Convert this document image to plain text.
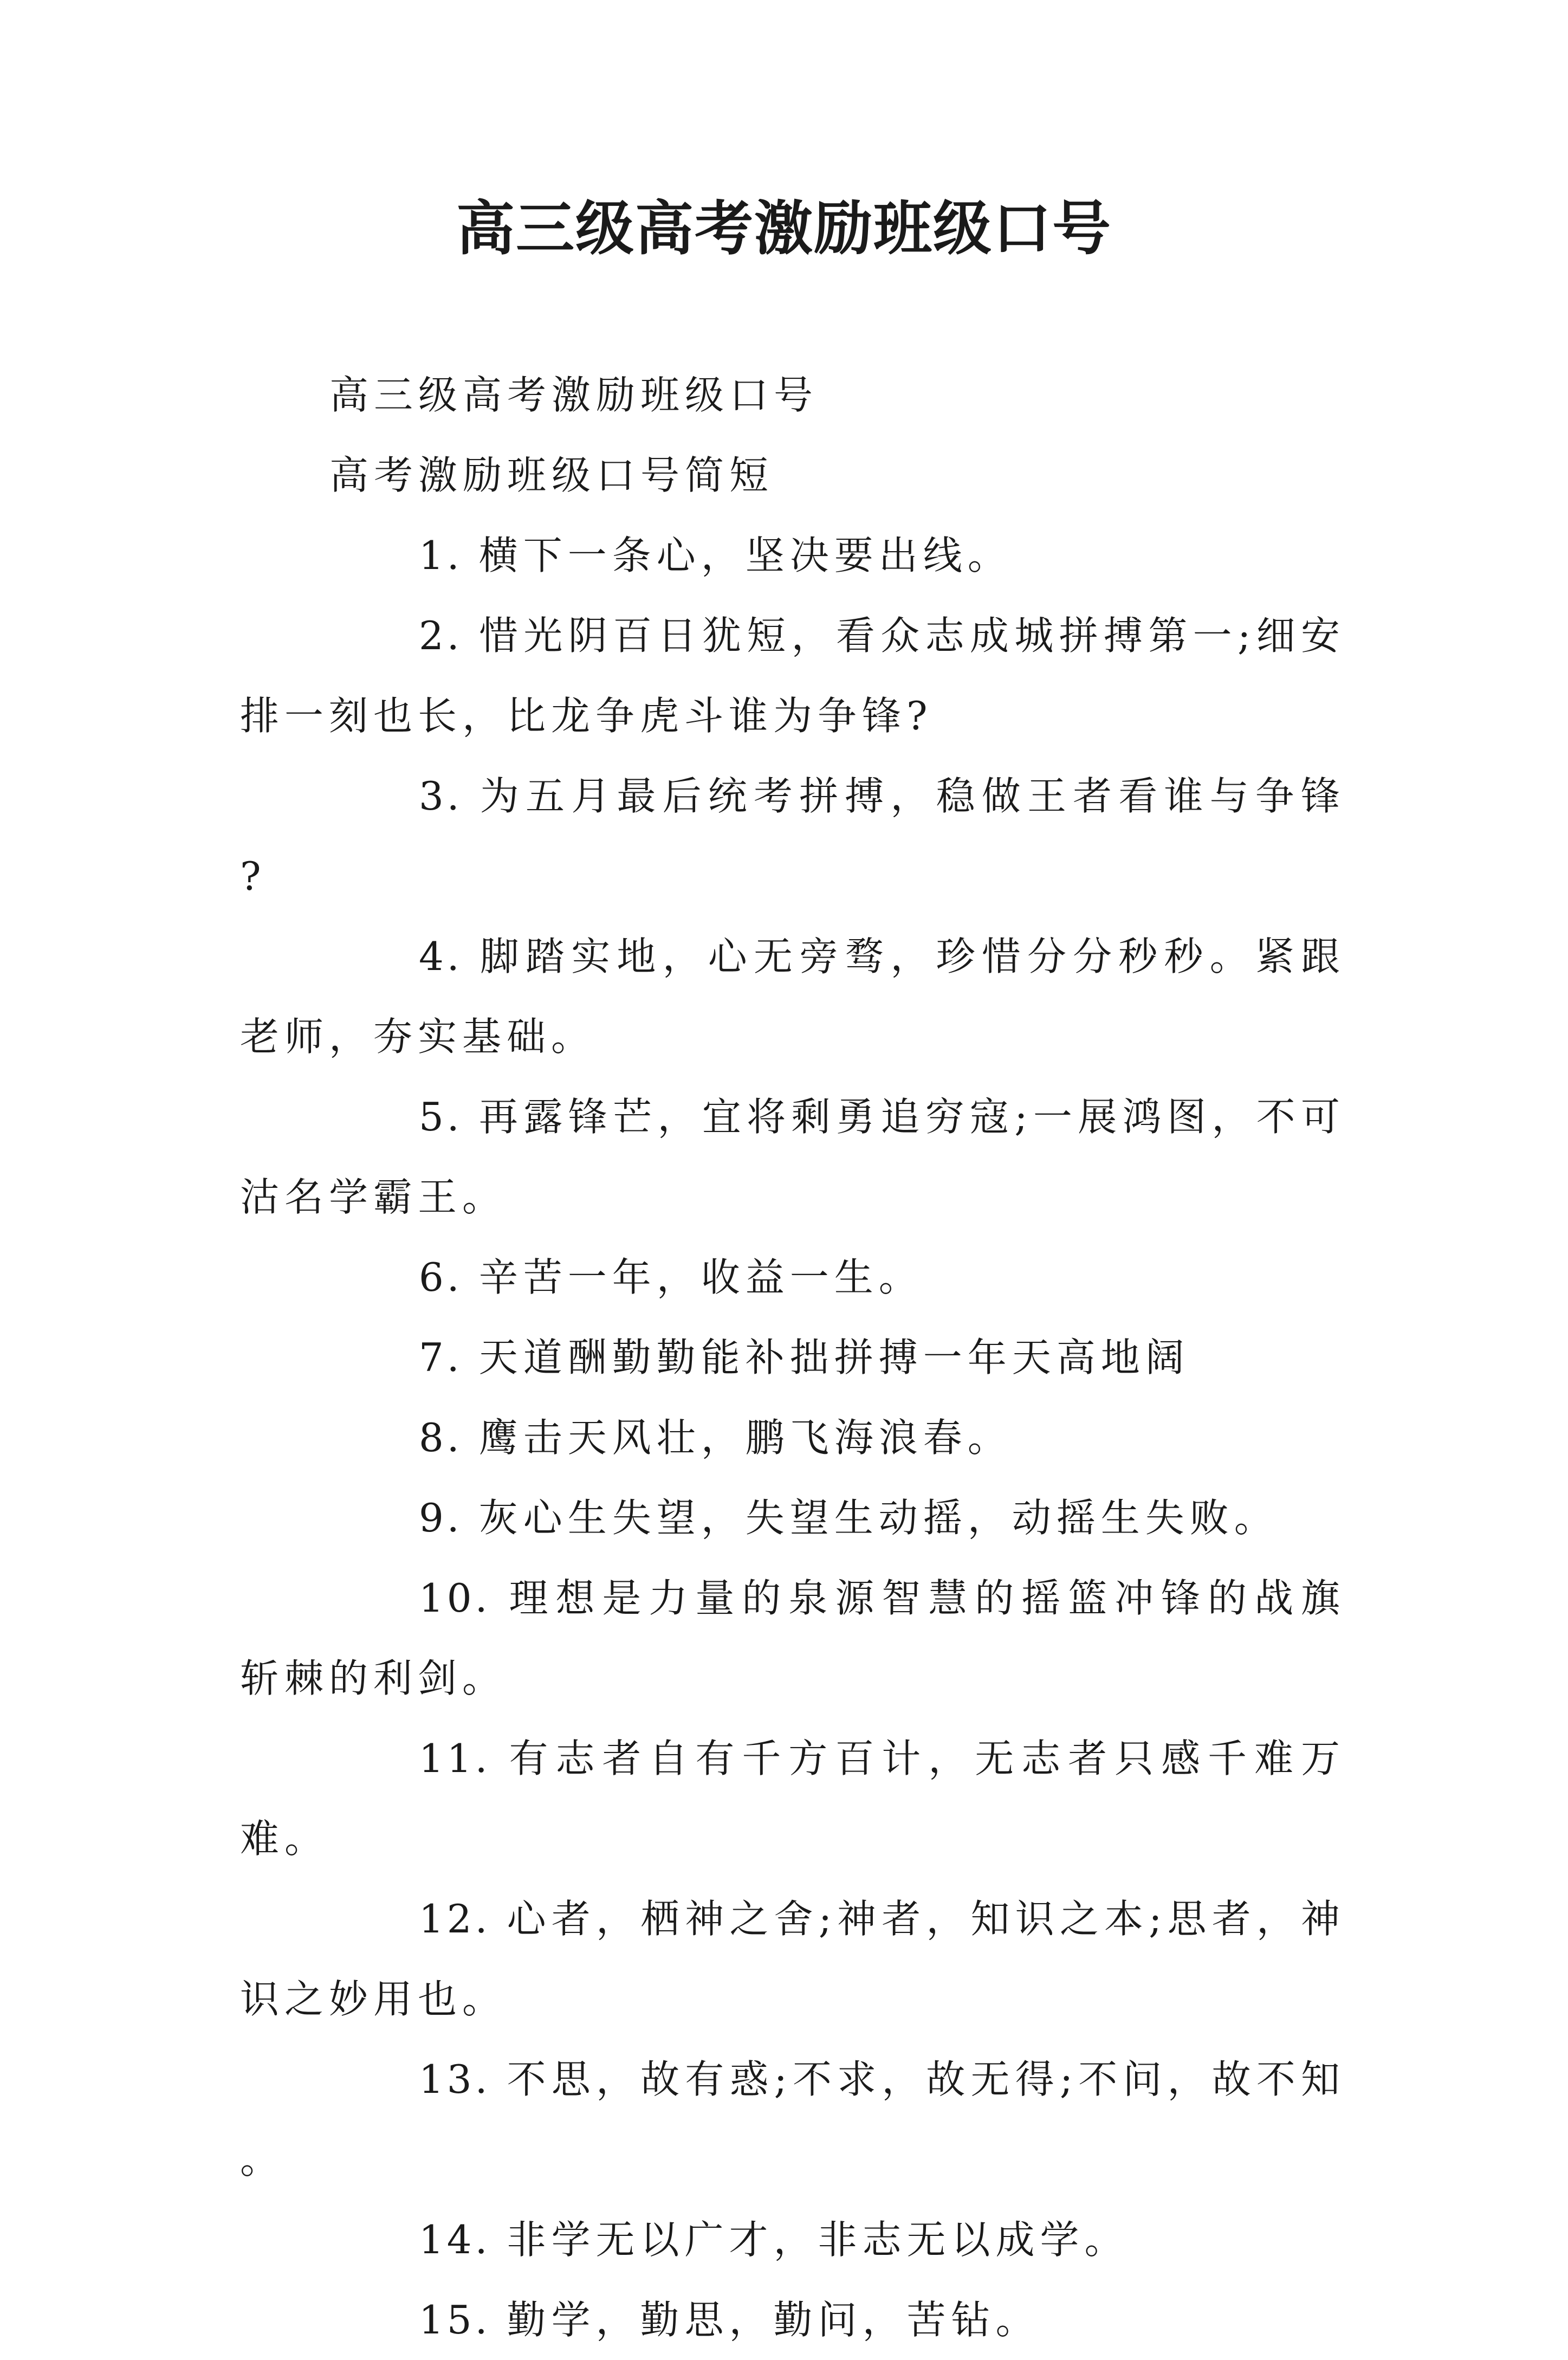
高三级高考激励班级口号

高三级高考激励班级口号

高考激励班级口号简短

1. 横下一条心，坚决要出线。

2. 惜光阴百日犹短，看众志成城拼搏第一;细安排一刻也长，比龙争虎斗谁为争锋?

3. 为五月最后统考拼搏，稳做王者看谁与争锋?

4. 脚踏实地，心无旁骛，珍惜分分秒秒。紧跟老师，夯实基础。

5. 再露锋芒，宜将剩勇追穷寇;一展鸿图，不可沽名学霸王。

6. 辛苦一年，收益一生。

7. 天道酬勤勤能补拙拼搏一年天高地阔

8. 鹰击天风壮，鹏飞海浪春。

9. 灰心生失望，失望生动摇，动摇生失败。

10. 理想是力量的泉源智慧的摇篮冲锋的战旗斩棘的利剑。

11. 有志者自有千方百计，无志者只感千难万难。

12. 心者，栖神之舍;神者，知识之本;思者，神识之妙用也。

13. 不思，故有惑;不求，故无得;不问，故不知。

14. 非学无以广才，非志无以成学。

15. 勤学，勤思，勤问，苦钻。
